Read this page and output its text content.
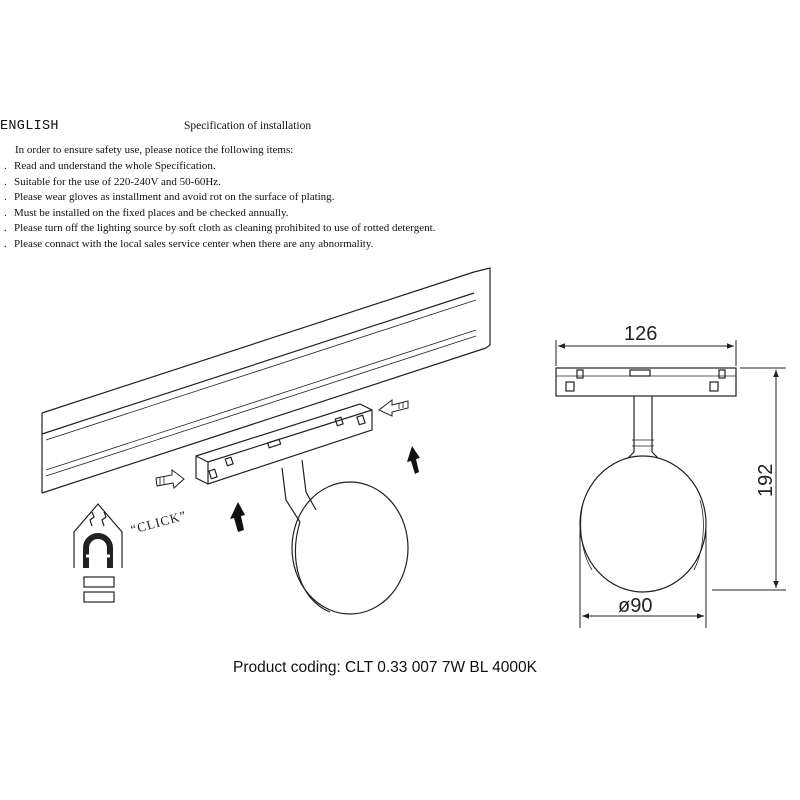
ENGLISH	Specification of installation
In order to ensure safety use, please notice the following items:
. Read and understand the whole Specification.
. Suitable for the use of 220-240V and 50-60Hz.
. Please wear gloves as installment and avoid rot on the surface of plating.
. Must be installed on the fixed places and be checked annually.
. Please turn off the lighting source by soft cloth as cleaning prohibited to use of rotted detergent.
. Please connact with the local sales service center when there are any abnormality.
“CLICK”
126
192
ø90
Product coding: CLT 0.33 007 7W BL 4000K
